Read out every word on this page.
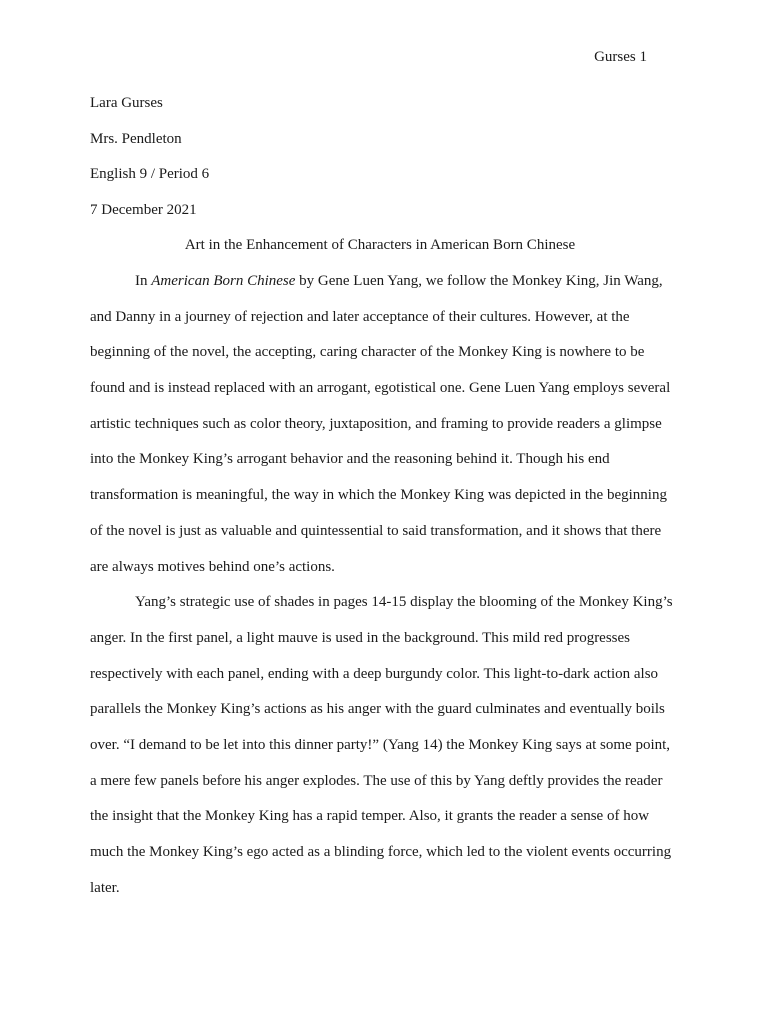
Gurses 1
Lara Gurses
Mrs. Pendleton
English 9 / Period 6
7 December 2021
Art in the Enhancement of Characters in American Born Chinese
In American Born Chinese by Gene Luen Yang, we follow the Monkey King, Jin Wang,
and Danny in a journey of rejection and later acceptance of their cultures. However, at the
beginning of the novel, the accepting, caring character of the Monkey King is nowhere to be
found and is instead replaced with an arrogant, egotistical one. Gene Luen Yang employs several
artistic techniques such as color theory, juxtaposition, and framing to provide readers a glimpse
into the Monkey King’s arrogant behavior and the reasoning behind it. Though his end
transformation is meaningful, the way in which the Monkey King was depicted in the beginning
of the novel is just as valuable and quintessential to said transformation, and it shows that there
are always motives behind one’s actions.
Yang’s strategic use of shades in pages 14-15 display the blooming of the Monkey King’s
anger. In the first panel, a light mauve is used in the background. This mild red progresses
respectively with each panel, ending with a deep burgundy color. This light-to-dark action also
parallels the Monkey King’s actions as his anger with the guard culminates and eventually boils
over. “I demand to be let into this dinner party!” (Yang 14) the Monkey King says at some point,
a mere few panels before his anger explodes. The use of this by Yang deftly provides the reader
the insight that the Monkey King has a rapid temper. Also, it grants the reader a sense of how
much the Monkey King’s ego acted as a blinding force, which led to the violent events occurring
later.
